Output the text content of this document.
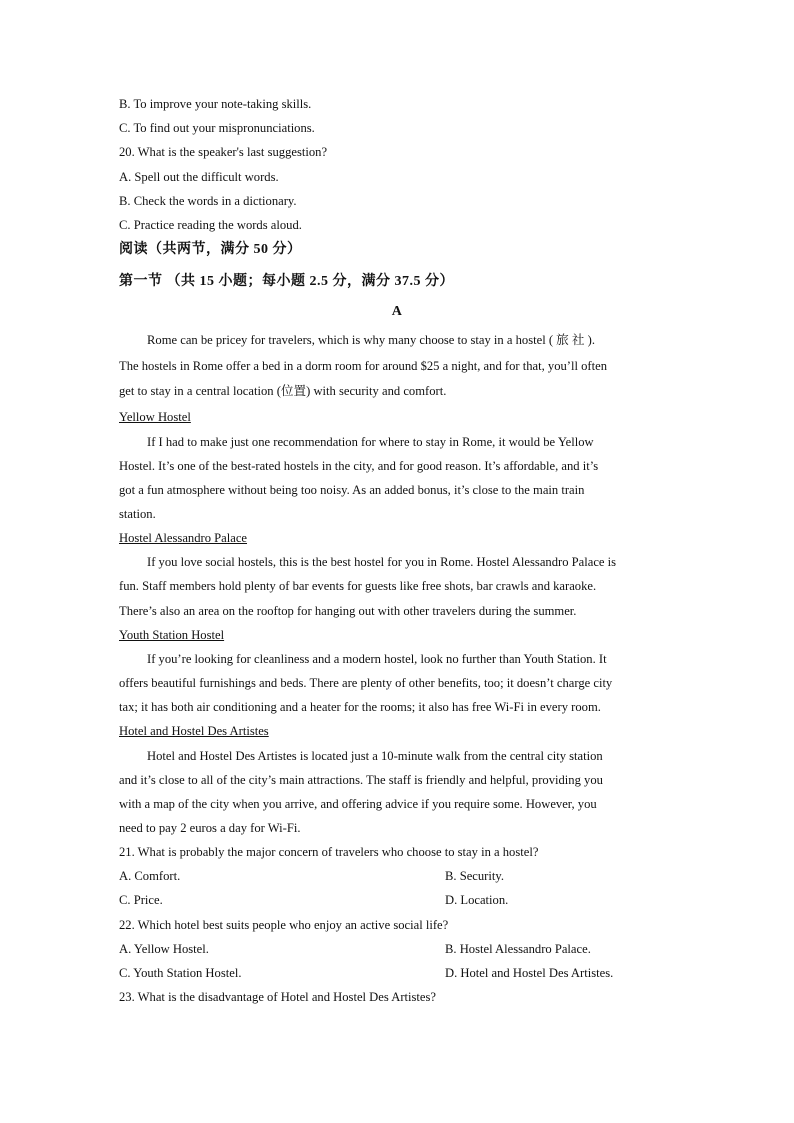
B. To improve your note-taking skills.
C. To find out your mispronunciations.
20. What is the speaker's last suggestion?
A. Spell out the difficult words.
B. Check the words in a dictionary.
C. Practice reading the words aloud.
阅读（共两节，满分 50 分）
第一节 （共 15 小题；每小题 2.5 分，满分 37.5 分）
A
Rome can be pricey for travelers, which is why many choose to stay in a hostel ( 旅 社 ).
The hostels in Rome offer a bed in a dorm room for around $25 a night, and for that, you’ll often
get to stay in a central location (位置) with security and comfort.
Yellow Hostel
If I had to make just one recommendation for where to stay in Rome, it would be Yellow
Hostel. It’s one of the best-rated hostels in the city, and for good reason. It’s affordable, and it’s
got a fun atmosphere without being too noisy. As an added bonus, it’s close to the main train
station.
Hostel Alessandro Palace
If you love social hostels, this is the best hostel for you in Rome. Hostel Alessandro Palace is
fun. Staff members hold plenty of bar events for guests like free shots, bar crawls and karaoke.
There’s also an area on the rooftop for hanging out with other travelers during the summer.
Youth Station Hostel
If you’re looking for cleanliness and a modern hostel, look no further than Youth Station. It
offers beautiful furnishings and beds. There are plenty of other benefits, too; it doesn’t charge city
tax; it has both air conditioning and a heater for the rooms; it also has free Wi-Fi in every room.
Hotel and Hostel Des Artistes
Hotel and Hostel Des Artistes is located just a 10-minute walk from the central city station
and it’s close to all of the city’s main attractions. The staff is friendly and helpful, providing you
with a map of the city when you arrive, and offering advice if you require some. However, you
need to pay 2 euros a day for Wi-Fi.
21. What is probably the major concern of travelers who choose to stay in a hostel?
A. Comfort.	B. Security.
C. Price.	D. Location.
22. Which hotel best suits people who enjoy an active social life?
A. Yellow Hostel.	B. Hostel Alessandro Palace.
C. Youth Station Hostel.	D. Hotel and Hostel Des Artistes.
23. What is the disadvantage of Hotel and Hostel Des Artistes?
